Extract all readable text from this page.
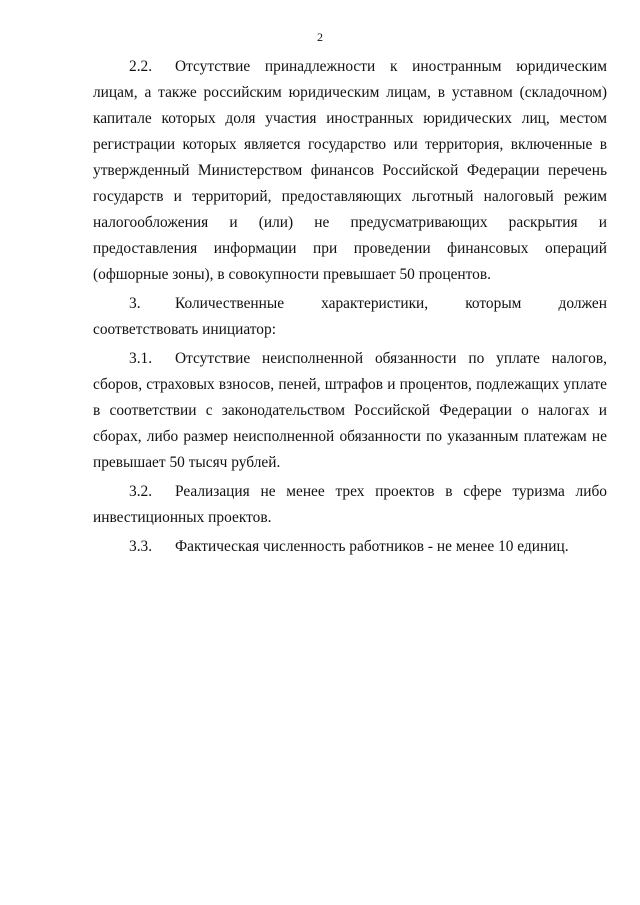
2

2.2. Отсутствие принадлежности к иностранным юридическим лицам, а также российским юридическим лицам, в уставном (складочном) капитале которых доля участия иностранных юридических лиц, местом регистрации которых является государство или территория, включенные в утвержденный Министерством финансов Российской Федерации перечень государств и территорий, предоставляющих льготный налоговый режим налогообложения и (или) не предусматривающих раскрытия и предоставления информации при проведении финансовых операций (офшорные зоны), в совокупности превышает 50 процентов.

3. Количественные характеристики, которым должен соответствовать инициатор:

3.1. Отсутствие неисполненной обязанности по уплате налогов, сборов, страховых взносов, пеней, штрафов и процентов, подлежащих уплате в соответствии с законодательством Российской Федерации о налогах и сборах, либо размер неисполненной обязанности по указанным платежам не превышает 50 тысяч рублей.

3.2. Реализация не менее трех проектов в сфере туризма либо инвестиционных проектов.

3.3. Фактическая численность работников - не менее 10 единиц.
